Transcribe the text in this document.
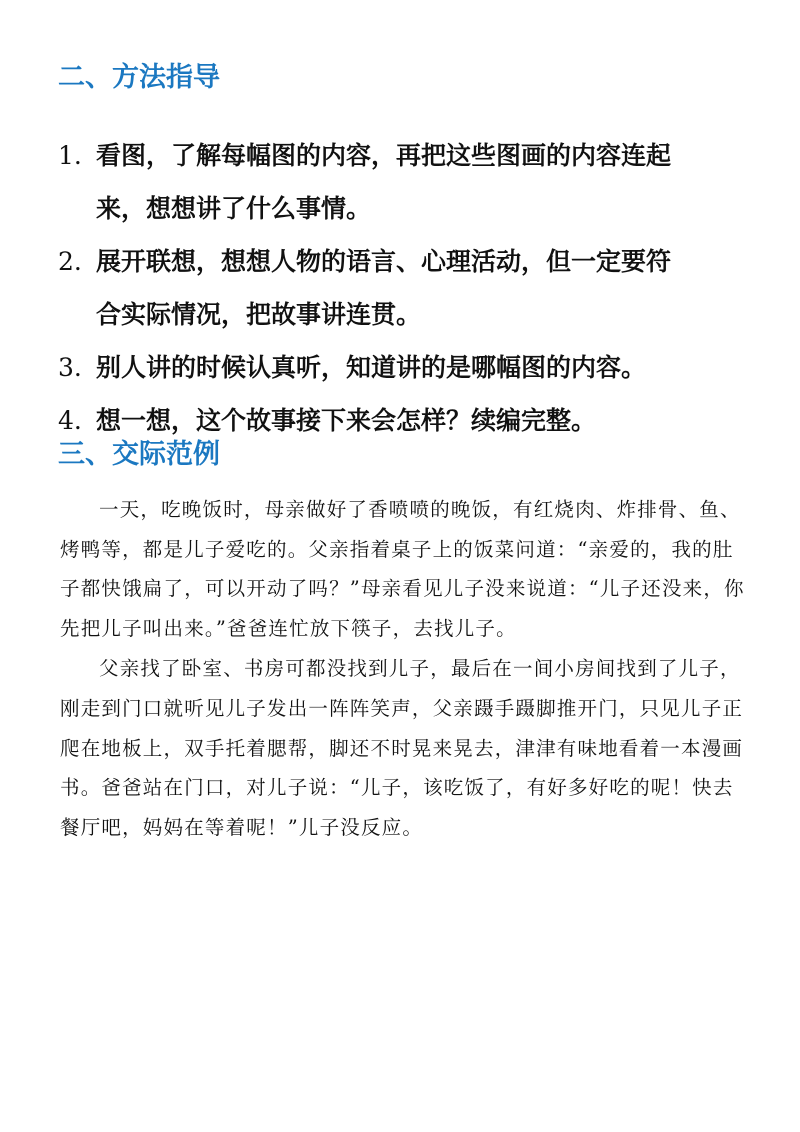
二、方法指导
1. 看图，了解每幅图的内容，再把这些图画的内容连起
来，想想讲了什么事情。
2. 展开联想，想想人物的语言、心理活动，但一定要符
合实际情况，把故事讲连贯。
3. 别人讲的时候认真听，知道讲的是哪幅图的内容。
4. 想一想，这个故事接下来会怎样？续编完整。
三、交际范例

一天，吃晚饭时，母亲做好了香喷喷的晚饭，有红烧肉、炸排骨、鱼、烤鸭等，都是儿子爱吃的。父亲指着桌子上的饭菜问道：“亲爱的，我的肚子都快饿扁了，可以开动了吗？”母亲看见儿子没来说道：“儿子还没来，你先把儿子叫出来。”爸爸连忙放下筷子，去找儿子。

父亲找了卧室、书房可都没找到儿子，最后在一间小房间找到了儿子，刚走到门口就听见儿子发出一阵阵笑声，父亲蹑手蹑脚推开门，只见儿子正爬在地板上，双手托着腮帮，脚还不时晃来晃去，津津有味地看着一本漫画书。爸爸站在门口，对儿子说：“儿子，该吃饭了，有好多好吃的呢！快去餐厅吧，妈妈在等着呢！”儿子没反应。
